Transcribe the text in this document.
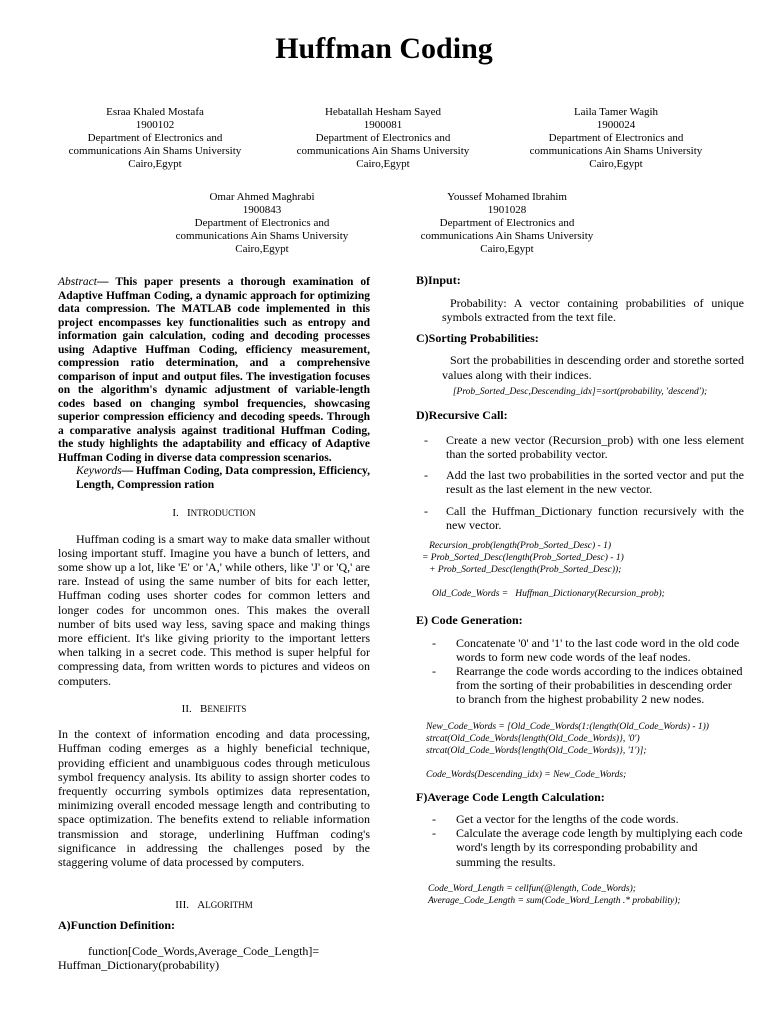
Huffman Coding
Esraa Khaled Mostafa
1900102
Department of Electronics and
communications Ain Shams University
Cairo,Egypt
Hebatallah Hesham Sayed
1900081
Department of Electronics and
communications Ain Shams University
Cairo,Egypt
Laila Tamer Wagih
1900024
Department of Electronics and
communications Ain Shams University
Cairo,Egypt
Omar Ahmed Maghrabi
1900843
Department of Electronics and
communications Ain Shams University
Cairo,Egypt
Youssef Mohamed Ibrahim
1901028
Department of Electronics and
communications Ain Shams University
Cairo,Egypt

Abstract— This paper presents a thorough examination of Adaptive Huffman Coding, a dynamic approach for optimizing data compression. The MATLAB code implemented in this project encompasses key functionalities such as entropy and information gain calculation, coding and decoding processes using Adaptive Huffman Coding, efficiency measurement, compression ratio determination, and a comprehensive comparison of input and output files. The investigation focuses on the algorithm's dynamic adjustment of variable-length codes based on changing symbol frequencies, showcasing superior compression efficiency and decoding speeds. Through a comparative analysis against traditional Huffman Coding, the study highlights the adaptability and efficacy of Adaptive Huffman Coding in diverse data compression scenarios.

Keywords— Huffman Coding, Data compression, Efficiency, Length, Compression ration

I. INTRODUCTION

Huffman coding is a smart way to make data smaller without losing important stuff. Imagine you have a bunch of letters, and some show up a lot, like 'E' or 'A,' while others, like 'J' or 'Q,' are rare. Instead of using the same number of bits for each letter, Huffman coding uses shorter codes for common letters and longer codes for uncommon ones. This makes the overall number of bits used way less, saving space and making things more efficient. It's like giving priority to the important letters when talking in a secret code. This method is super helpful for compressing data, from written words to pictures and videos on computers.

II. BENEIFITS

In the context of information encoding and data processing, Huffman coding emerges as a highly beneficial technique, providing efficient and unambiguous codes through meticulous symbol frequency analysis. Its ability to assign shorter codes to frequently occurring symbols optimizes data representation, minimizing overall encoded message length and contributing to space optimization. The benefits extend to reliable information transmission and storage, underlining Huffman coding's significance in addressing the challenges posed by the staggering volume of data processed by computers.

III. ALGORITHM
A)Function Definition:

function[Code_Words,Average_Code_Length]=

Huffman_Dictionary(probability)

B)Input:

Probability: A vector containing probabilities of unique symbols extracted from the text file.

C)Sorting Probabilities:

Sort the probabilities in descending order and storethe sorted values along with their indices.

[Prob_Sorted_Desc,Descending_idx]=sort(probability, 'descend');
D)Recursive Call:
- Create a new vector (Recursion_prob) with one less element than the sorted probability vector.
- Add the last two probabilities in the sorted vector and put the result as the last element in the new vector.
- Call the Huffman_Dictionary function recursively with the new vector.
Recursion_prob(length(Prob_Sorted_Desc) - 1)
= Prob_Sorted_Desc(length(Prob_Sorted_Desc) - 1)
+ Prob_Sorted_Desc(length(Prob_Sorted_Desc));
Old_Code_Words =   Huffman_Dictionary(Recursion_prob);
E) Code Generation:
- Concatenate '0' and '1' to the last code word in the old code words to form new code words of the leaf nodes.
- Rearrange the code words according to the indices obtained from the sorting of their probabilities in descending order to branch from the highest probability 2 new nodes.
New_Code_Words = [Old_Code_Words(1:(length(Old_Code_Words) - 1))
strcat(Old_Code_Words{length(Old_Code_Words)}, '0')
strcat(Old_Code_Words{length(Old_Code_Words)}, '1')];
Code_Words(Descending_idx) = New_Code_Words;
F)Average Code Length Calculation:
- Get a vector for the lengths of the code words.
- Calculate the average code length by multiplying each code word's length by its corresponding probability and summing the results.
Code_Word_Length = cellfun(@length, Code_Words);
Average_Code_Length = sum(Code_Word_Length .* probability);
